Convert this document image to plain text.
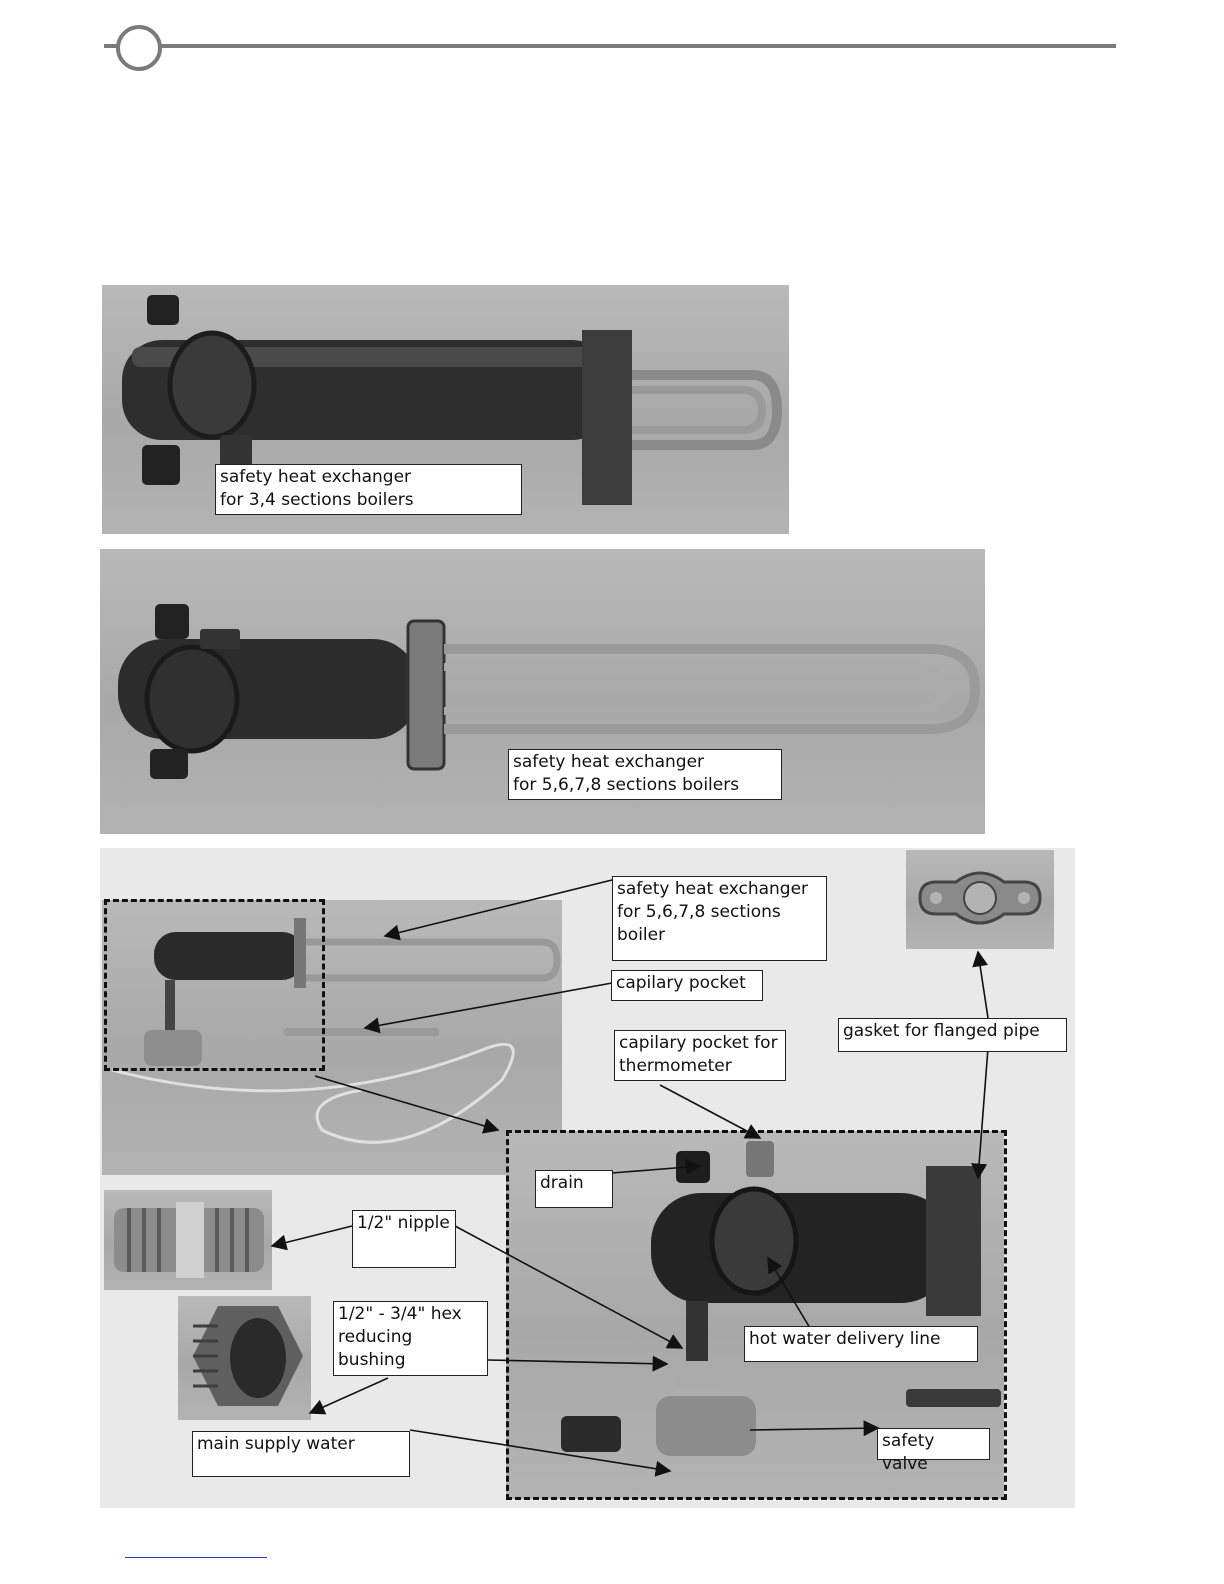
safety heat exchanger
for 3,4 sections boilers
safety heat exchanger
for 5,6,7,8 sections boilers
safety heat exchanger
for 5,6,7,8 sections
boiler
capilary pocket
capilary pocket for
thermometer
gasket for flanged pipe
drain
1/2" nipple
1/2" - 3/4" hex
reducing bushing
hot water delivery line
main supply water	safety valve
